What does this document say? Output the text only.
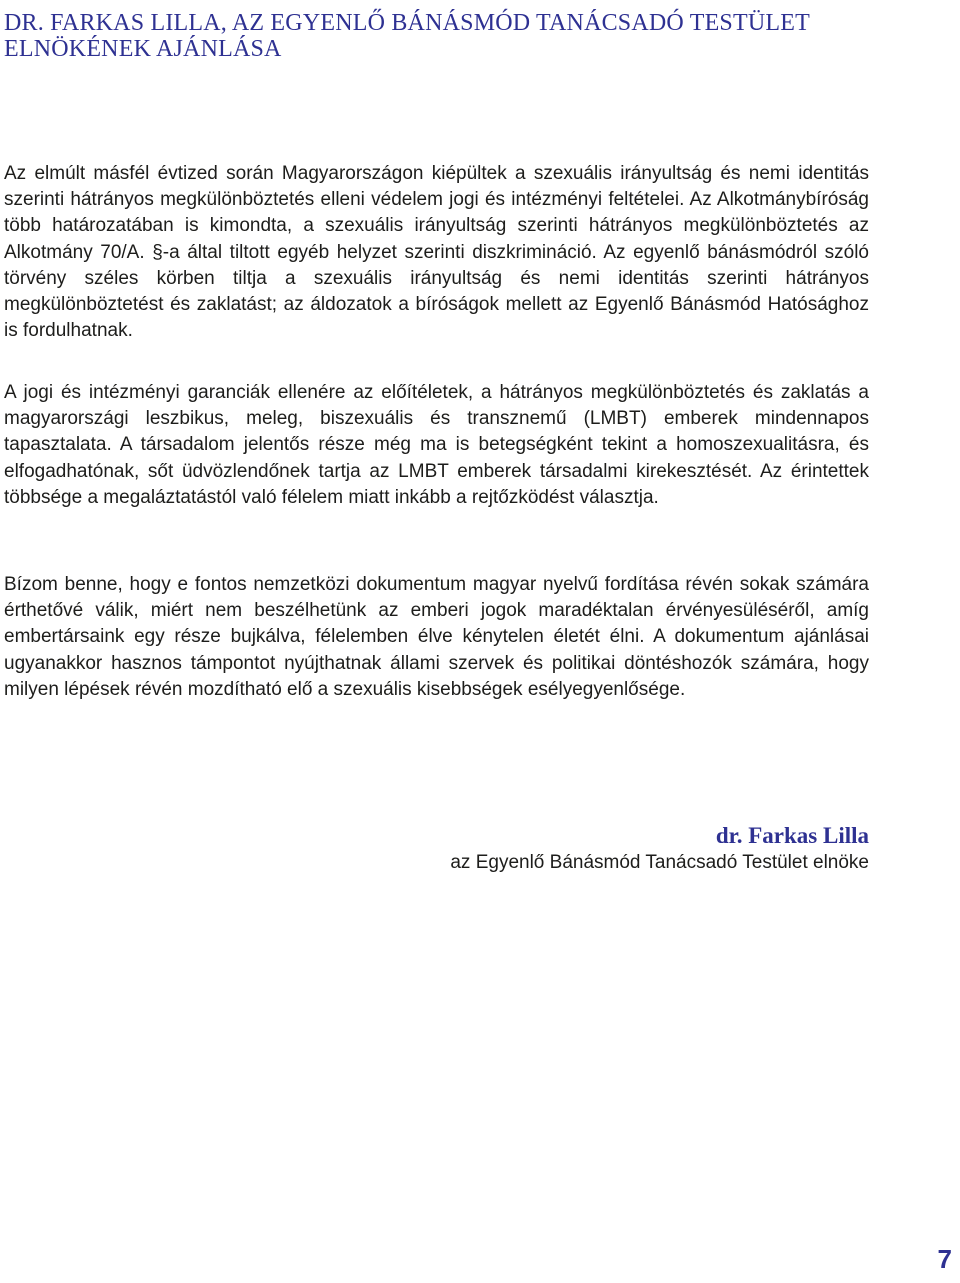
DR. FARKAS LILLA, AZ EGYENLŐ BÁNÁSMÓD TANÁCSADÓ TESTÜLET
ELNÖKÉNEK AJÁNLÁSA

Az elmúlt másfél évtized során Magyarországon kiépültek a szexuális irányultság és nemi identitás szerinti hátrányos megkülönböztetés elleni védelem jogi és intézményi feltételei. Az Alkotmánybíróság több határozatában is kimondta, a szexuális irányultság szerinti hátrányos megkülönböztetés az Alkotmány 70/A. §-a által tiltott egyéb helyzet szerinti diszkrimináció. Az egyenlő bánásmódról szóló törvény széles körben tiltja a szexuális irányultság és nemi identitás szerinti hátrányos megkülönböztetést és zaklatást; az áldozatok a bíróságok mellett az Egyenlő Bánásmód Hatósághoz is fordulhatnak.

A jogi és intézményi garanciák ellenére az előítéletek, a hátrányos megkülönböztetés és zaklatás a magyarországi leszbikus, meleg, biszexuális és transznemű (LMBT) emberek mindennapos tapasztalata. A társadalom jelentős része még ma is betegségként tekint a homoszexualitásra, és elfogadhatónak, sőt üdvözlendőnek tartja az LMBT emberek társadalmi kirekesztését. Az érintettek többsége a megaláztatástól való félelem miatt inkább a rejtőzködést választja.

Bízom benne, hogy e fontos nemzetközi dokumentum magyar nyelvű fordítása révén sokak számára érthetővé válik, miért nem beszélhetünk az emberi jogok maradéktalan érvényesüléséről, amíg embertársaink egy része bujkálva, félelemben élve kénytelen életét élni. A dokumentum ajánlásai ugyanakkor hasznos támpontot nyújthatnak állami szervek és politikai döntéshozók számára, hogy milyen lépések révén mozdítható elő a szexuális kisebbségek esélyegyenlősége.

dr. Farkas Lilla
az Egyenlő Bánásmód Tanácsadó Testület elnöke
7
